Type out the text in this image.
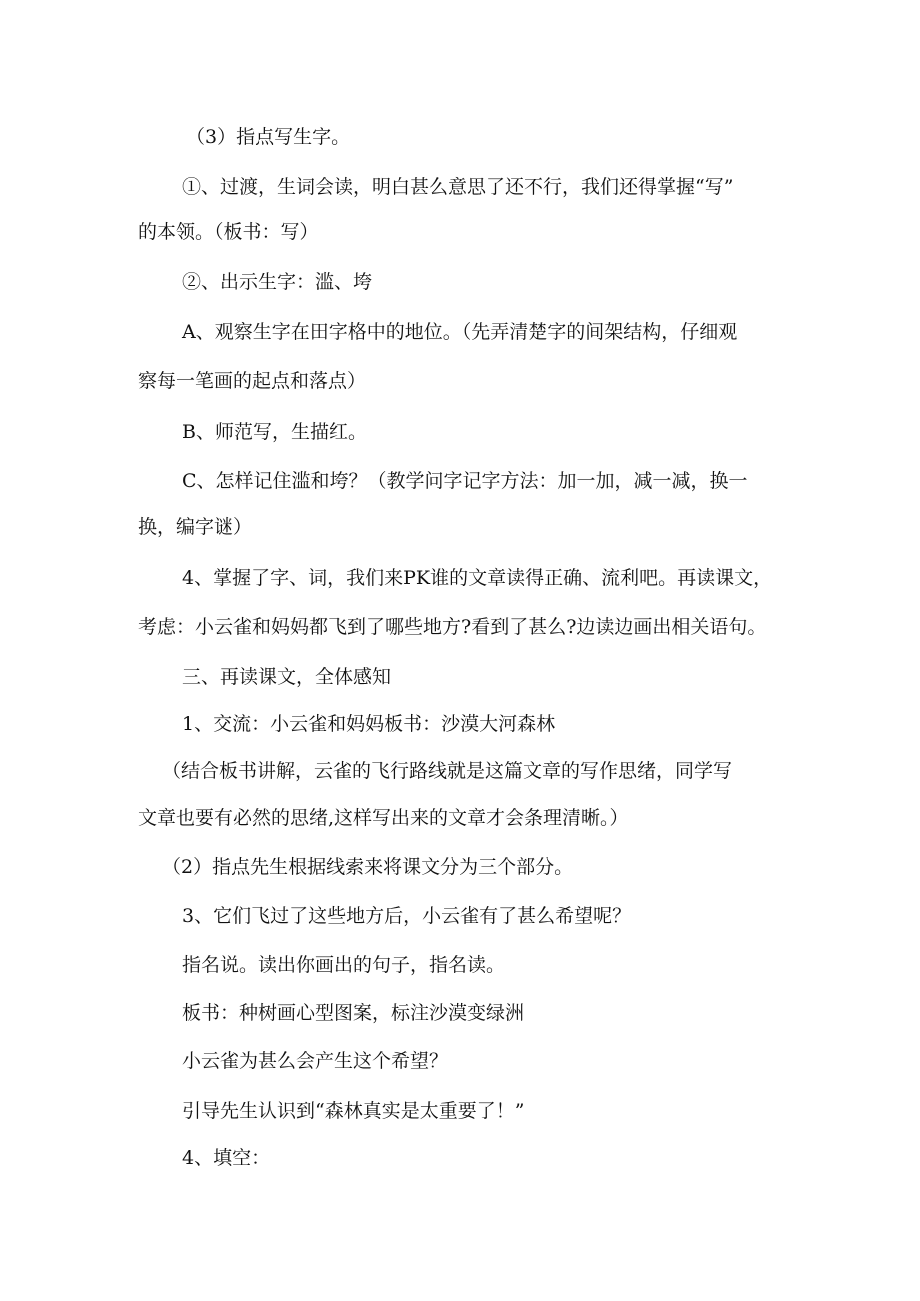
（3）指点写生字。
①、过渡，生词会读，明白甚么意思了还不行，我们还得掌握“写”
的本领。（板书：写）
②、出示生字：滥、垮
A、观察生字在田字格中的地位。（先弄清楚字的间架结构，仔细观
察每一笔画的起点和落点）
B、师范写，生描红。
C、怎样记住滥和垮？（教学问字记字方法：加一加，减一减，换一
换，编字谜）
4、掌握了字、词，我们来PK谁的文章读得正确、流利吧。再读课文，
考虑：小云雀和妈妈都飞到了哪些地方?看到了甚么?边读边画出相关语句。
三、再读课文，全体感知
1、交流：小云雀和妈妈板书：沙漠大河森林
（结合板书讲解，云雀的飞行路线就是这篇文章的写作思绪，同学写
文章也要有必然的思绪,这样写出来的文章才会条理清晰。）
（2）指点先生根据线索来将课文分为三个部分。
3、它们飞过了这些地方后，小云雀有了甚么希望呢？
指名说。读出你画出的句子，指名读。
板书：种树画心型图案，标注沙漠变绿洲
小云雀为甚么会产生这个希望？
引导先生认识到“森林真实是太重要了！”
4、填空：
